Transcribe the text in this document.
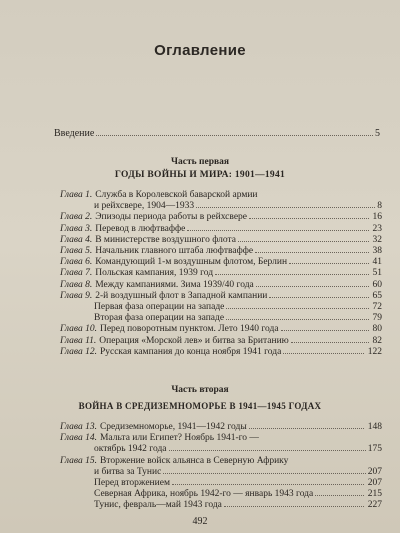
Оглавление
Введение	5
Часть первая
ГОДЫ ВОЙНЫ И МИРА: 1901—1941
Глава 1. Служба в Королевской баварской армии
и рейхсвере, 1904—1933	8
Глава 2. Эпизоды периода работы в рейхсвере	16
Глава 3. Перевод в люфтваффе	23
Глава 4. В министерстве воздушного флота	32
Глава 5. Начальник главного штаба люфтваффе	38
Глава 6. Командующий 1-м воздушным флотом, Берлин	41
Глава 7. Польская кампания, 1939 год	51
Глава 8. Между кампаниями. Зима 1939/40 года	60
Глава 9. 2-й воздушный флот в Западной кампании	65
Первая фаза операции на западе	72
Вторая фаза операции на западе	79
Глава 10. Перед поворотным пунктом. Лето 1940 года	80
Глава 11. Операция «Морской лев» и битва за Британию	82
Глава 12. Русская кампания до конца ноября 1941 года	122
Часть вторая
ВОЙНА В СРЕДИЗЕМНОМОРЬЕ В 1941—1945 ГОДАХ
Глава 13. Средиземноморье, 1941—1942 годы	148
Глава 14. Мальта или Египет? Ноябрь 1941-го —
октябрь 1942 года	175
Глава 15. Вторжение войск альянса в Северную Африку
и битва за Тунис	207
Перед вторжением	207
Северная Африка, ноябрь 1942-го — январь 1943 года	215
Тунис, февраль—май 1943 года	227
492
